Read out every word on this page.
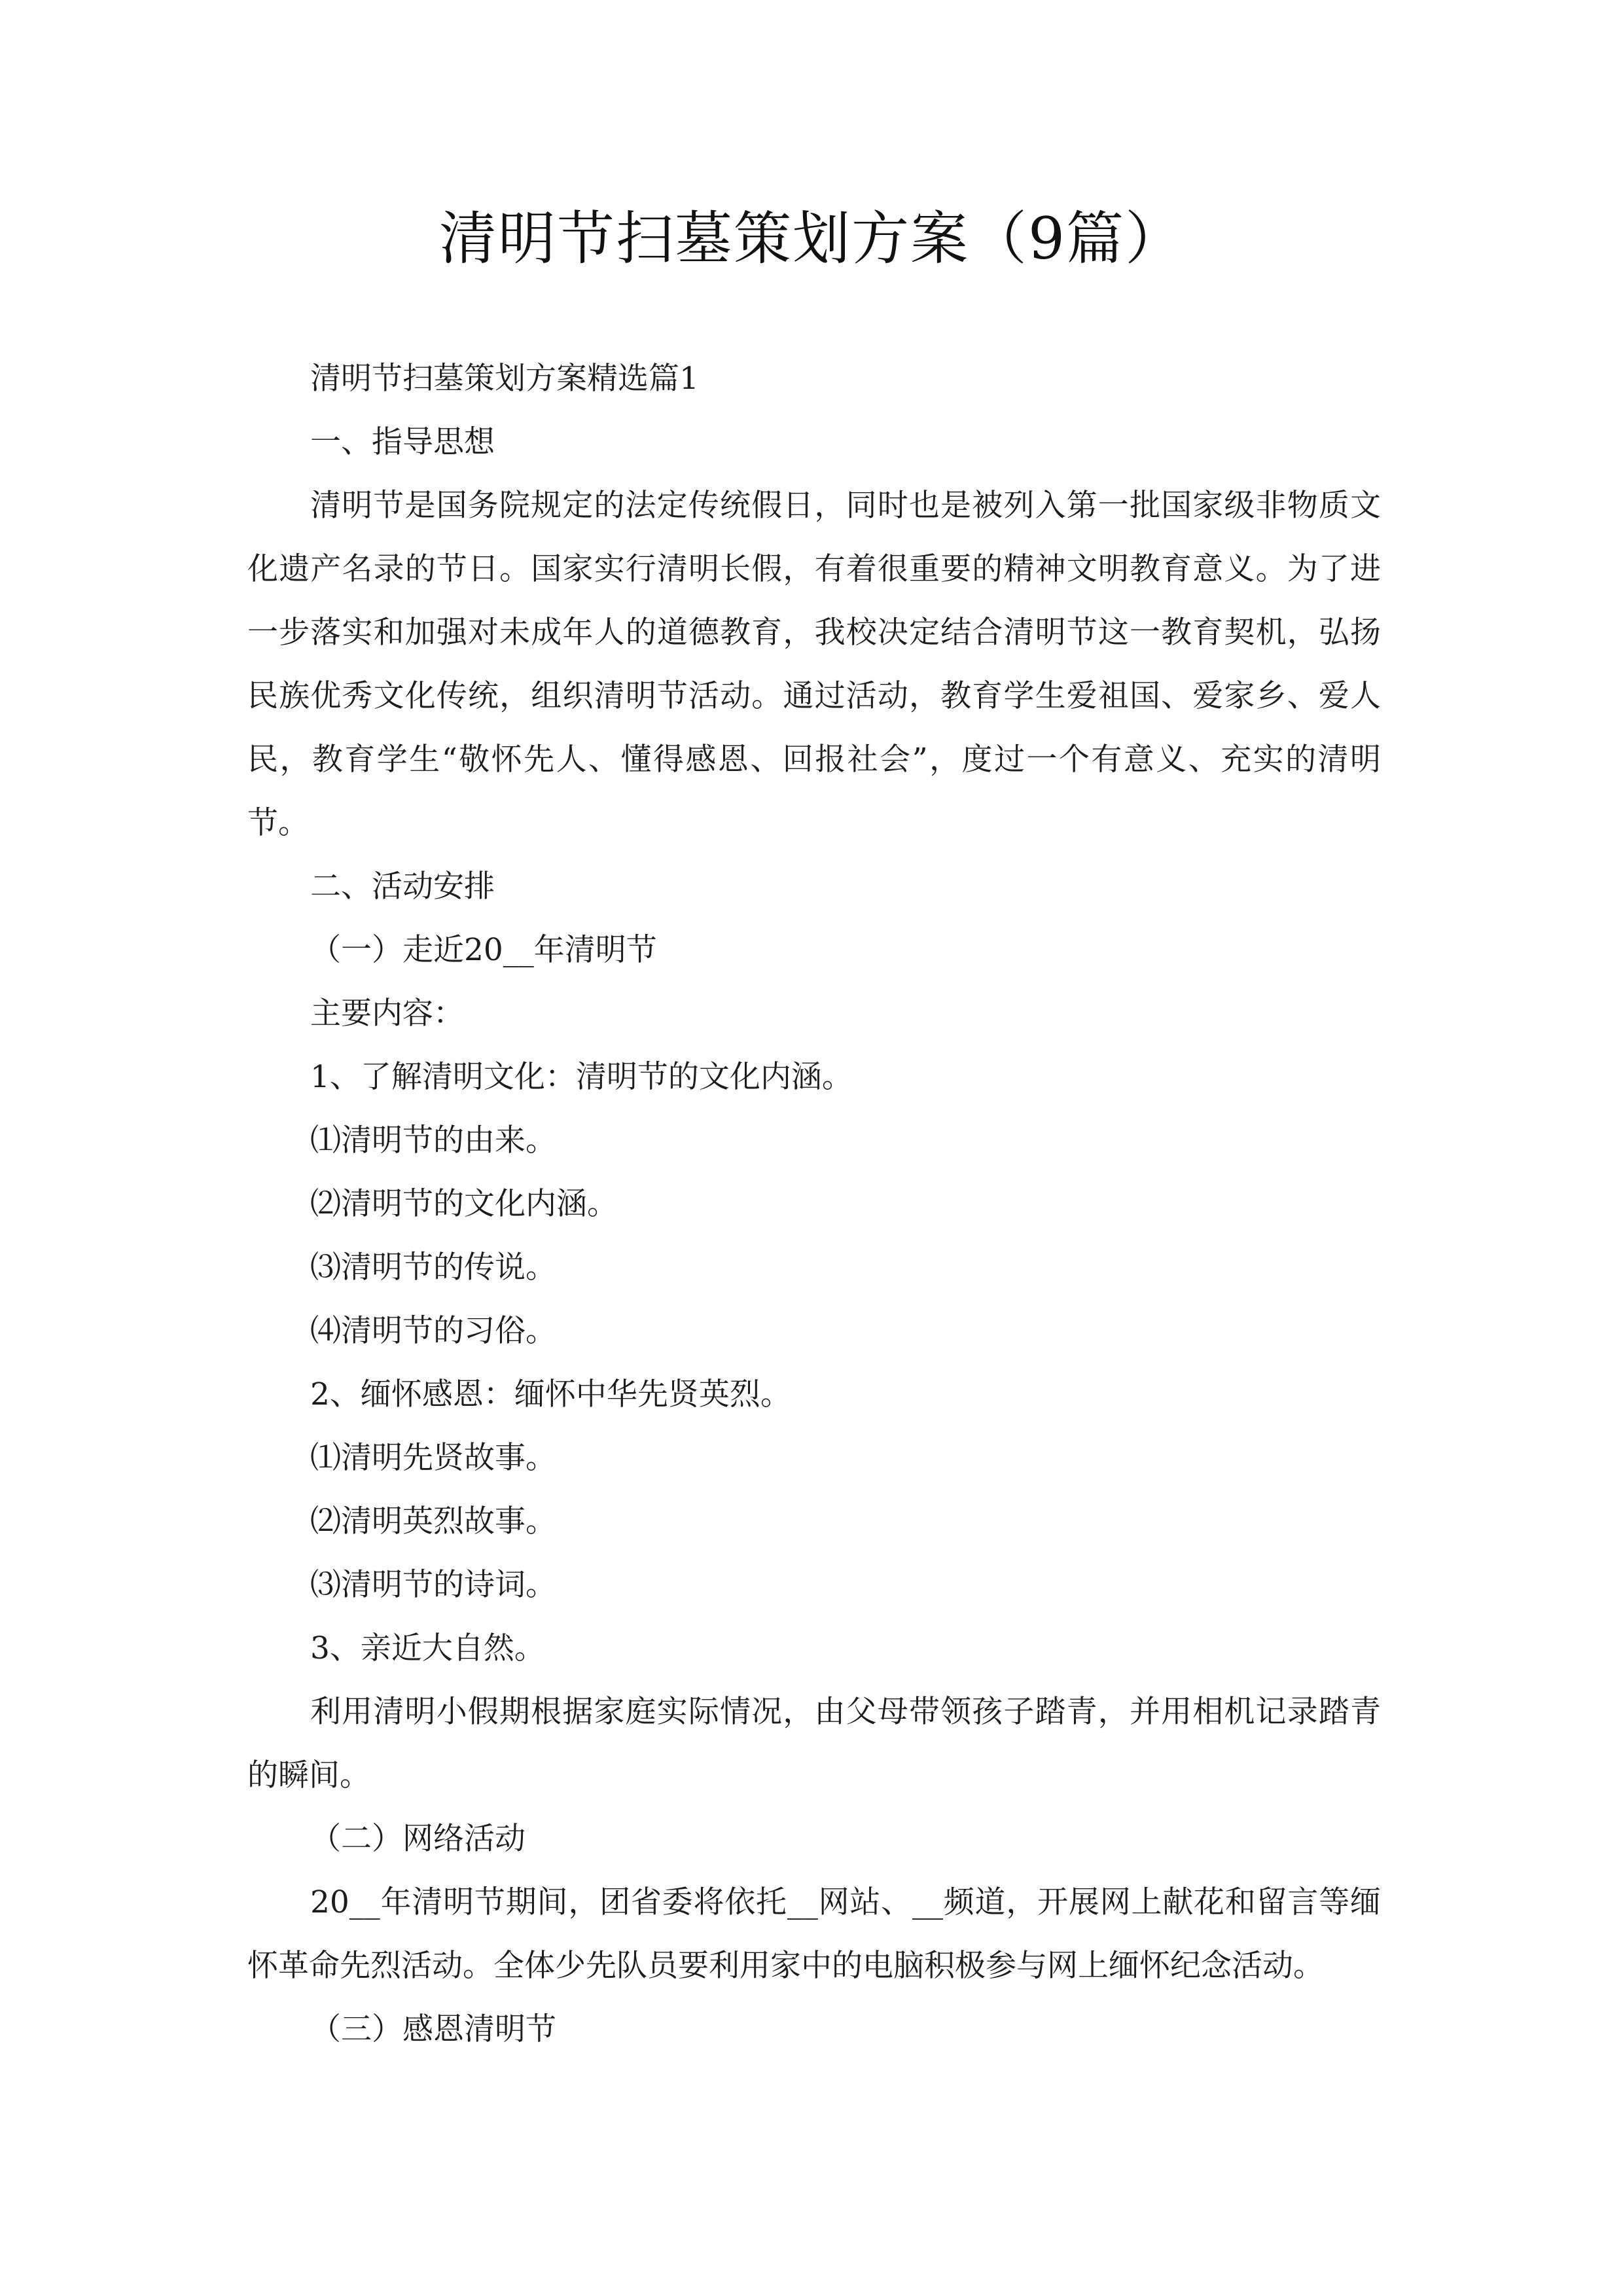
清明节扫墓策划方案（9篇）

清明节扫墓策划方案精选篇1

一、指导思想

清明节是国务院规定的法定传统假日，同时也是被列入第一批国家级非物质文化遗产名录的节日。国家实行清明长假，有着很重要的精神文明教育意义。为了进一步落实和加强对未成年人的道德教育，我校决定结合清明节这一教育契机，弘扬民族优秀文化传统，组织清明节活动。通过活动，教育学生爱祖国、爱家乡、爱人民，教育学生“敬怀先人、懂得感恩、回报社会”，度过一个有意义、充实的清明节。

二、活动安排

（一）走近20__年清明节

主要内容：

1、了解清明文化：清明节的文化内涵。

⑴清明节的由来。

⑵清明节的文化内涵。

⑶清明节的传说。

⑷清明节的习俗。

2、缅怀感恩：缅怀中华先贤英烈。

⑴清明先贤故事。

⑵清明英烈故事。

⑶清明节的诗词。

3、亲近大自然。

利用清明小假期根据家庭实际情况，由父母带领孩子踏青，并用相机记录踏青的瞬间。

（二）网络活动

20__年清明节期间，团省委将依托__网站、__频道，开展网上献花和留言等缅怀革命先烈活动。全体少先队员要利用家中的电脑积极参与网上缅怀纪念活动。

（三）感恩清明节
